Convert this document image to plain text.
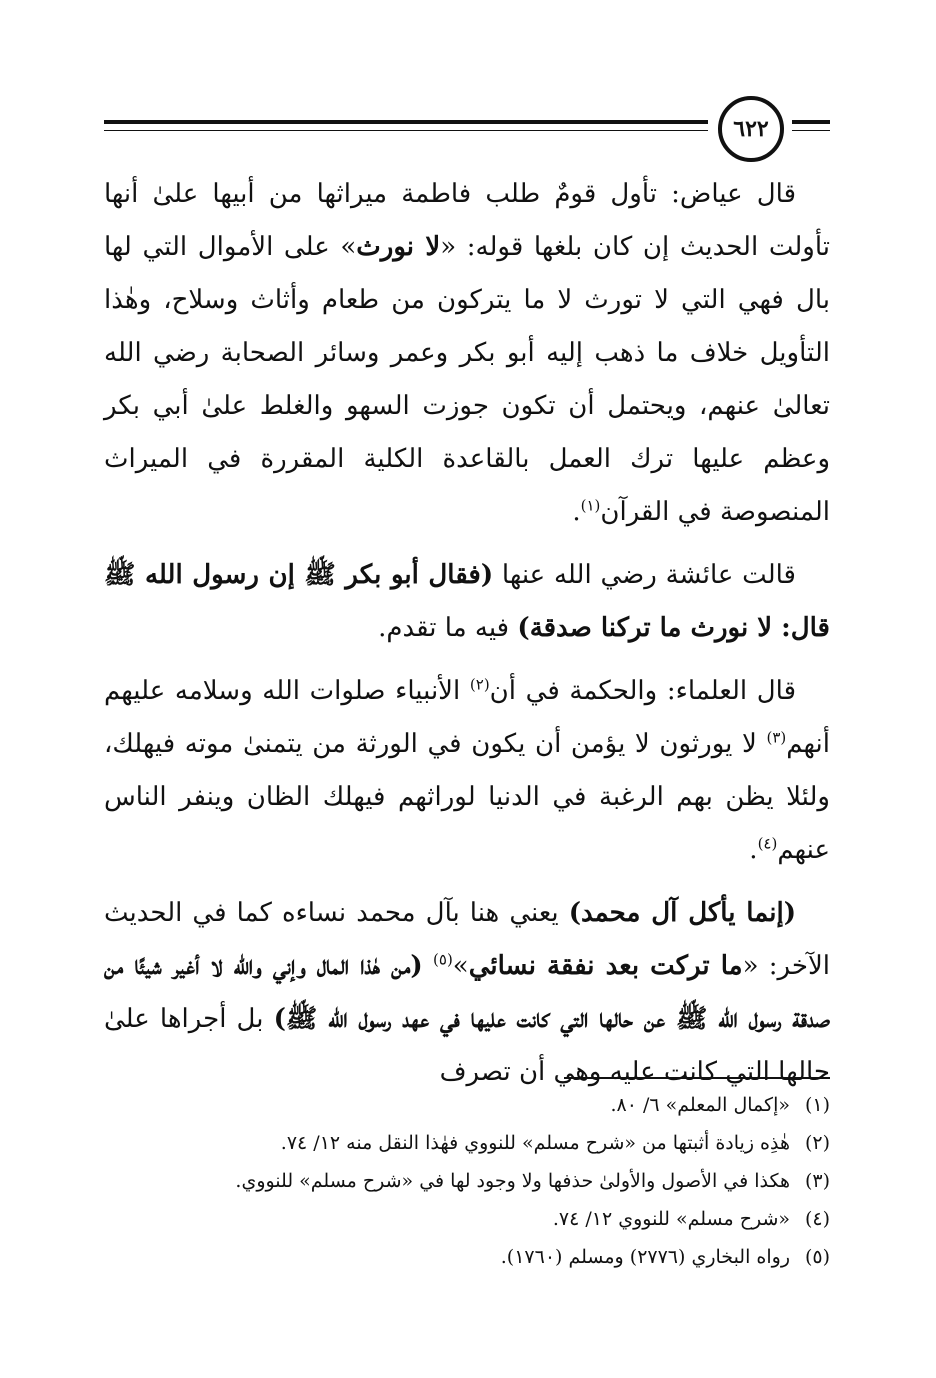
٦٢٢

قال عياض: تأول قومٌ طلب فاطمة ميراثها من أبيها علىٰ أنها تأولت الحديث إن كان بلغها قوله: «لا نورث» على الأموال التي لها بال فهي التي لا تورث لا ما يتركون من طعام وأثاث وسلاح، وهٰذا التأويل خلاف ما ذهب إليه أبو بكر وعمر وسائر الصحابة رضي الله تعالىٰ عنهم، ويحتمل أن تكون جوزت السهو والغلط علىٰ أبي بكر وعظم عليها ترك العمل بالقاعدة الكلية المقررة في الميراث المنصوصة في القرآن$^{(١)}$.

قالت عائشة رضي الله عنها (فقال أبو بكر ﷺ إن رسول الله ﷺ قال: لا نورث ما تركنا صدقة) فيه ما تقدم.

قال العلماء: والحكمة في أن$^{(٢)}$ الأنبياء صلوات الله وسلامه عليهم أنهم$^{(٣)}$ لا يورثون لا يؤمن أن يكون في الورثة من يتمنىٰ موته فيهلك، ولئلا يظن بهم الرغبة في الدنيا لوراثهم فيهلك الظان وينفر الناس عنهم$^{(٤)}$.

(إنما يأكل آل محمد) يعني هنا بآل محمد نساءه كما في الحديث الآخر: «ما تركت بعد نفقة نسائي»$^{(٥)}$ (من هٰذا المال وإني والله لا أغير شيئًا من صدقة رسول الله ﷺ عن حالها التي كانت عليها في عهد رسول الله ﷺ) بل أجراها علىٰ حالها التي كانت عليه وهي أن تصرف

(١)«إكمال المعلم» ٦/ ٨٠.

(٢)هٰذِه زيادة أثبتها من «شرح مسلم» للنووي فهٰذا النقل منه ١٢/ ٧٤.

(٣)هكذا في الأصول والأولىٰ حذفها ولا وجود لها في «شرح مسلم» للنووي.

(٤)«شرح مسلم» للنووي ١٢/ ٧٤.

(٥)رواه البخاري (٢٧٧٦) ومسلم (١٧٦٠).
